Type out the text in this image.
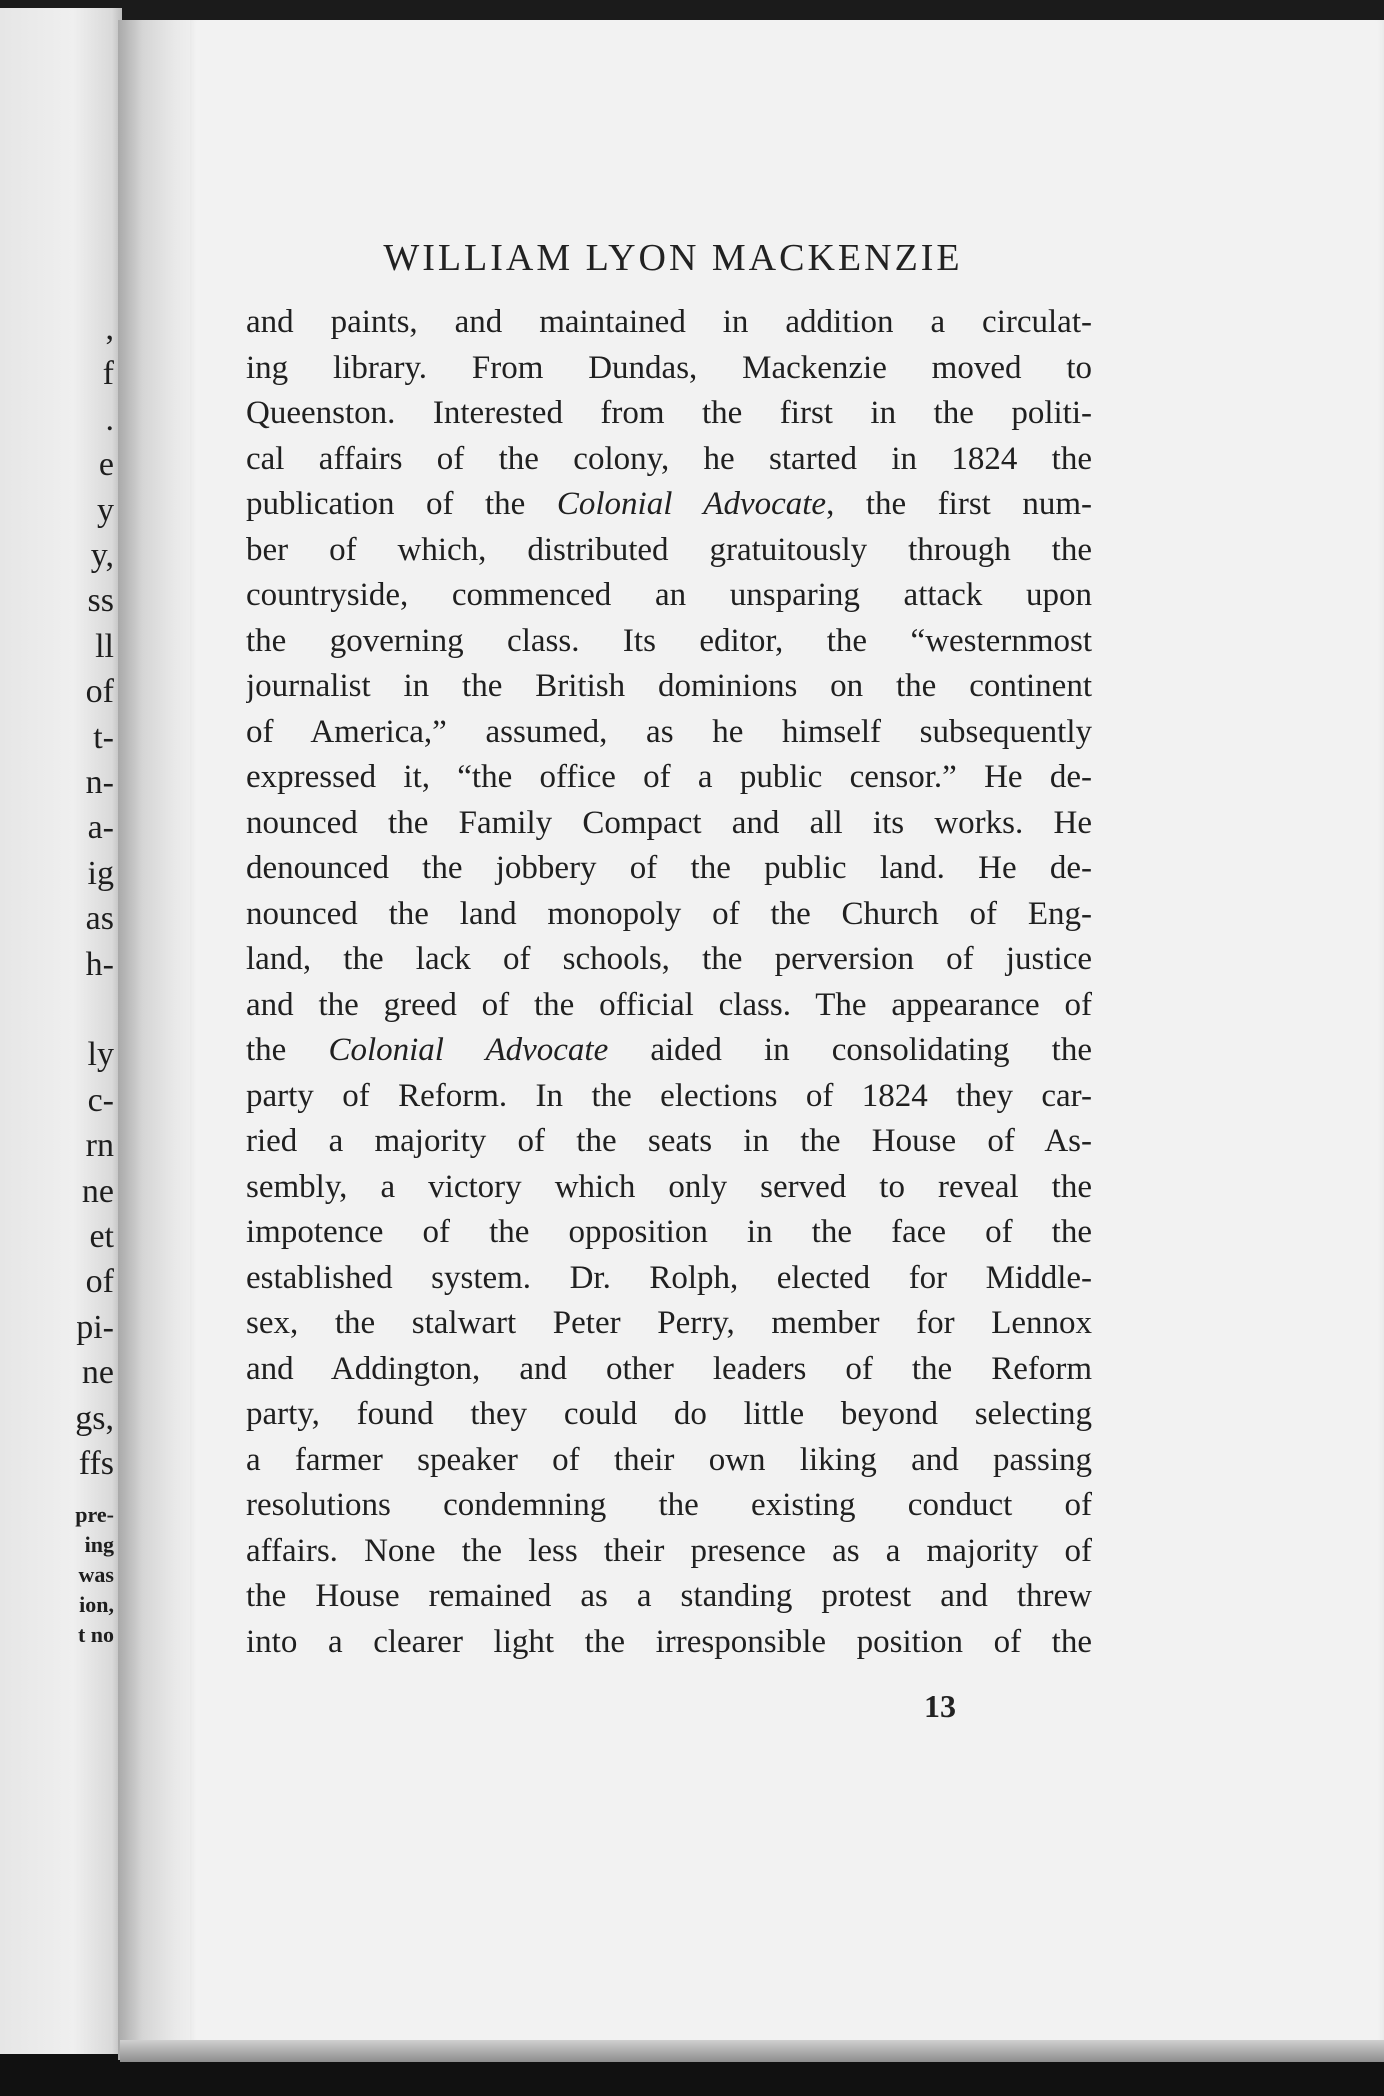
,

f

.

e

y

y,

ss

ll

of

t-

n-

a-

ig

as

h-

ly

c-

rn

ne

et

of

pi-

ne

gs,

ffs

pre-

ing

was

ion,

t no

WILLIAM LYON MACKENZIE
and paints, and maintained in addition a circulat-
ing library. From Dundas, Mackenzie moved to
Queenston. Interested from the first in the politi-
cal affairs of the colony, he started in 1824 the
publication of the Colonial Advocate, the first num-
ber of which, distributed gratuitously through the
countryside, commenced an unsparing attack upon
the governing class. Its editor, the “westernmost
journalist in the British dominions on the continent
of America,” assumed, as he himself subsequently
expressed it, “the office of a public censor.” He de-
nounced the Family Compact and all its works. He
denounced the jobbery of the public land. He de-
nounced the land monopoly of the Church of Eng-
land, the lack of schools, the perversion of justice
and the greed of the official class. The appearance of
the Colonial Advocate aided in consolidating the
party of Reform. In the elections of 1824 they car-
ried a majority of the seats in the House of As-
sembly, a victory which only served to reveal the
impotence of the opposition in the face of the
established system. Dr. Rolph, elected for Middle-
sex, the stalwart Peter Perry, member for Lennox
and Addington, and other leaders of the Reform
party, found they could do little beyond selecting
a farmer speaker of their own liking and passing
resolutions condemning the existing conduct of
affairs. None the less their presence as a majority of
the House remained as a standing protest and threw
into a clearer light the irresponsible position of the

13
